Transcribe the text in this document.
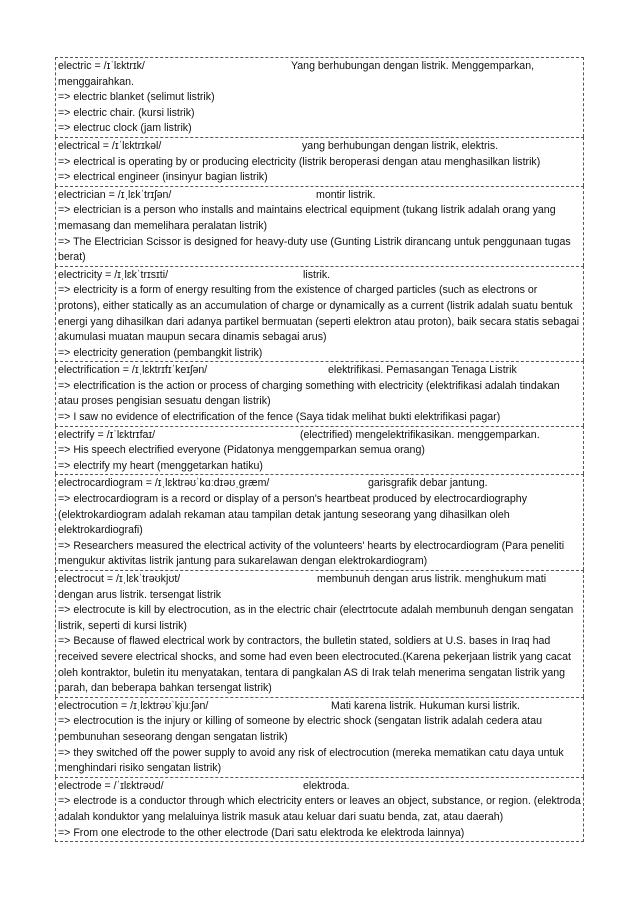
electric = /ɪˈlɛktrɪk/	Yang berhubungan dengan listrik. Menggemparkan,
menggairahkan.
=> electric blanket (selimut listrik)
=> electric chair. (kursi listrik)
=> electruc clock (jam listrik)
electrical = /ɪˈlɛktrɪkəl/	yang berhubungan dengan listrik, elektris.
=> electrical is operating by or producing electricity (listrik beroperasi dengan atau menghasilkan listrik)
=> electrical engineer (insinyur bagian listrik)
electrician = /ɪˌlɛkˈtrɪʃən/	montir listrik.
=> electrician is a person who installs and maintains electrical equipment (tukang listrik adalah orang yang memasang dan memelihara peralatan listrik)
=> The Electrician Scissor is designed for heavy-duty use (Gunting Listrik dirancang untuk penggunaan tugas berat)
electricity = /ɪˌlɛkˈtrɪsɪti/	listrik.
=> electricity is a form of energy resulting from the existence of charged particles (such as electrons or protons), either statically as an accumulation of charge or dynamically as a current (listrik adalah suatu bentuk energi yang dihasilkan dari adanya partikel bermuatan (seperti elektron atau proton), baik secara statis sebagai akumulasi muatan maupun secara dinamis sebagai arus)
=> electricity generation (pembangkit listrik)
electrification = /ɪˌlɛktrɪfɪˈkeɪʃən/	elektrifikasi. Pemasangan Tenaga Listrik
=> electrification is the action or process of charging something with electricity (elektrifikasi adalah tindakan atau proses pengisian sesuatu dengan listrik)
=> I saw no evidence of electrification of the fence (Saya tidak melihat bukti elektrifikasi pagar)
electrify = /ɪˈlɛktrɪfaɪ/	(electrified) mengelektrifikasikan. menggemparkan.
=> His speech electrified everyone (Pidatonya menggemparkan semua orang)
=> electrify my heart (menggetarkan hatiku)
electrocardiogram = /ɪˌlɛktrəʊˈkɑːdɪəʊˌɡræm/	garisgrafik debar jantung.
=> electrocardiogram is a record or display of a person's heartbeat produced by electrocardiography (elektrokardiogram adalah rekaman atau tampilan detak jantung seseorang yang dihasilkan oleh elektrokardiografi)
=> Researchers measured the electrical activity of the volunteers' hearts by electrocardiogram (Para peneliti mengukur aktivitas listrik jantung para sukarelawan dengan elektrokardiogram)
electrocut = /ɪˌlɛkˈtrəʊkjʊt/	membunuh dengan arus listrik. menghukum mati
dengan arus listrik. tersengat listrik
=> electrocute is kill by electrocution, as in the electric chair (electrtocute adalah membunuh dengan sengatan listrik, seperti di kursi listrik)
=> Because of flawed electrical work by contractors, the bulletin stated, soldiers at U.S. bases in Iraq had received severe electrical shocks, and some had even been electrocuted.(Karena pekerjaan listrik yang cacat oleh kontraktor, buletin itu menyatakan, tentara di pangkalan AS di Irak telah menerima sengatan listrik yang parah, dan beberapa bahkan tersengat listrik)
electrocution = /ɪˌlɛktrəʊˈkjuːʃən/	Mati karena listrik. Hukuman kursi listrik.
=> electrocution is the injury or killing of someone by electric shock (sengatan listrik adalah cedera atau pembunuhan seseorang dengan sengatan listrik)
=> they switched off the power supply to avoid any risk of electrocution (mereka mematikan catu daya untuk menghindari risiko sengatan listrik)
electrode = /ˈɪlɛktrəʊd/	elektroda.
=> electrode is a conductor through which electricity enters or leaves an object, substance, or region. (elektroda adalah konduktor yang melaluinya listrik masuk atau keluar dari suatu benda, zat, atau daerah)
=> From one electrode to the other electrode (Dari satu elektroda ke elektroda lainnya)
